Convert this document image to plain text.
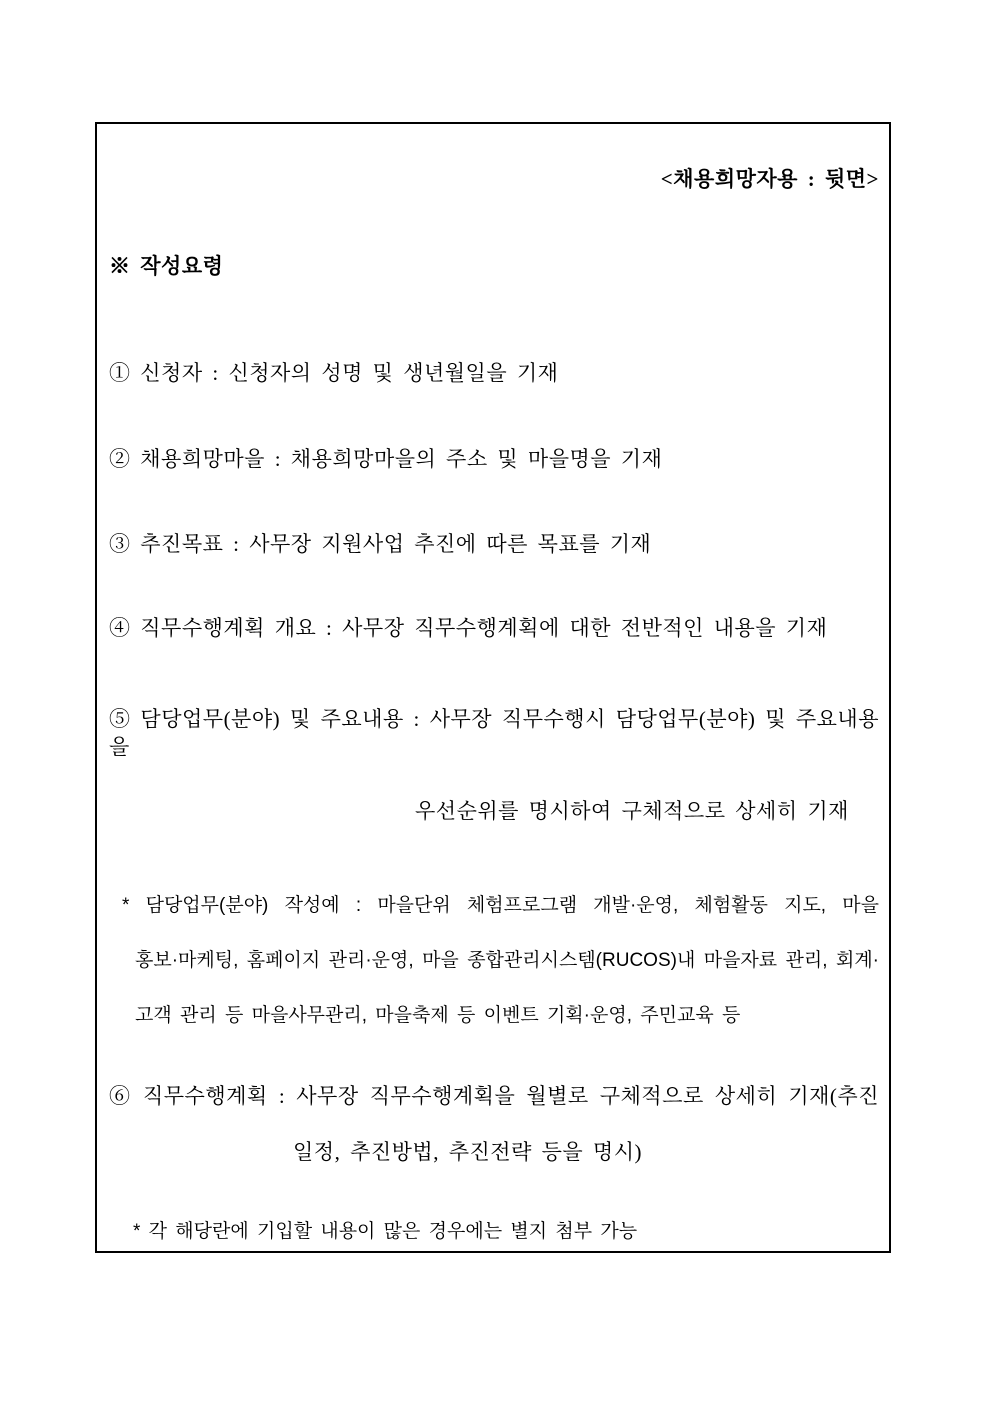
<채용희망자용 : 뒷면>
※ 작성요령
① 신청자 : 신청자의 성명 및 생년월일을 기재
② 채용희망마을 : 채용희망마을의 주소 및 마을명을 기재
③ 추진목표 : 사무장 지원사업 추진에 따른 목표를 기재
④ 직무수행계획 개요 : 사무장 직무수행계획에 대한 전반적인 내용을 기재
⑤ 담당업무(분야) 및 주요내용 : 사무장 직무수행시 담당업무(분야) 및 주요내용을
우선순위를 명시하여 구체적으로 상세히 기재
* 담당업무(분야) 작성예 : 마을단위 체험프로그램 개발·운영, 체험활동 지도, 마을
홍보·마케팅, 홈페이지 관리·운영, 마을 종합관리시스템(RUCOS)내 마을자료 관리, 회계·
고객 관리 등 마을사무관리, 마을축제 등 이벤트 기획·운영, 주민교육 등
⑥ 직무수행계획 : 사무장 직무수행계획을 월별로 구체적으로 상세히 기재(추진
일정, 추진방법, 추진전략 등을 명시)
* 각 해당란에 기입할 내용이 많은 경우에는 별지 첨부 가능
